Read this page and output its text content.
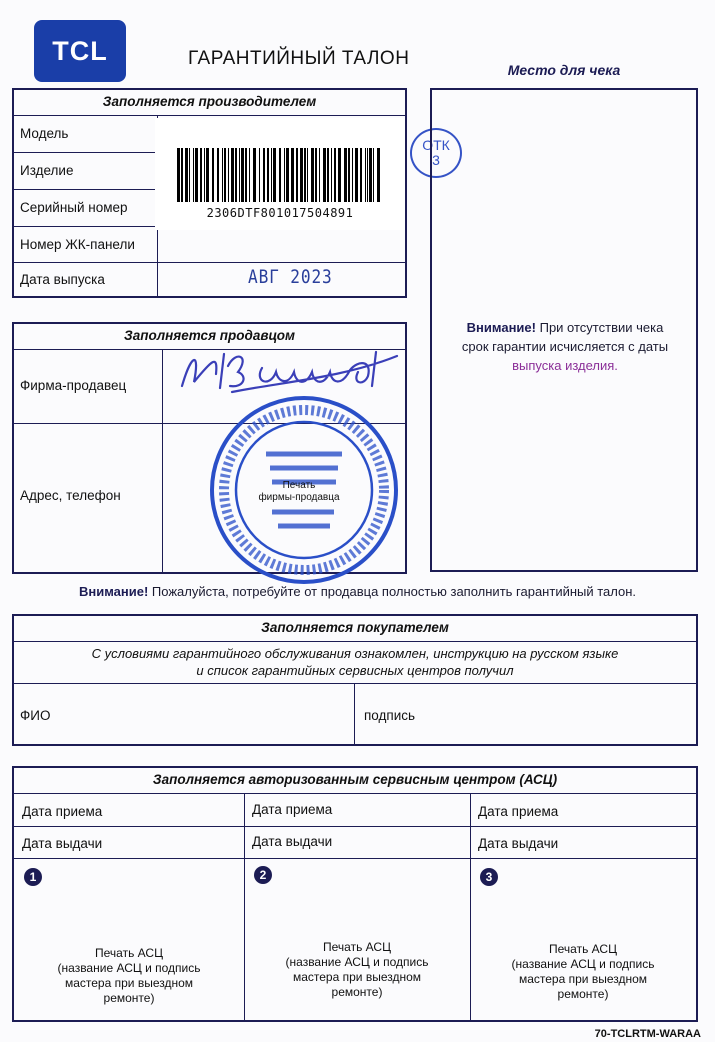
TCL	ГАРАНТИЙНЫЙ ТАЛОН
Место для чека
Заполняется производителем
Модель
Изделие
Серийный номер
Номер ЖК-панели
Дата выпуска
2306DTF801017504891
ОТК
3
АВГ 2023
Внимание! При отсутствии чека
срок гарантии исчисляется с даты
выпуска изделия.
Заполняется продавцом
Фирма-продавец
Адрес, телефон
Печать
фирмы-продавца
Внимание! Пожалуйста, потребуйте от продавца полностью заполнить гарантийный талон.
Заполняется покупателем
С условиями гарантийного обслуживания ознакомлен, инструкцию на русском языке
и список гарантийных сервисных центров получил
ФИО	подпись
Заполняется авторизованным сервисным центром (АСЦ)
Дата приема
Дата выдачи
1
Печать АСЦ
(название АСЦ и подпись
мастера при выездном
ремонте)
Дата приема
Дата выдачи
2
Печать АСЦ
(название АСЦ и подпись
мастера при выездном
ремонте)
Дата приема
Дата выдачи
3
Печать АСЦ
(название АСЦ и подпись
мастера при выездном
ремонте)
70-TCLRTM-WARAA
